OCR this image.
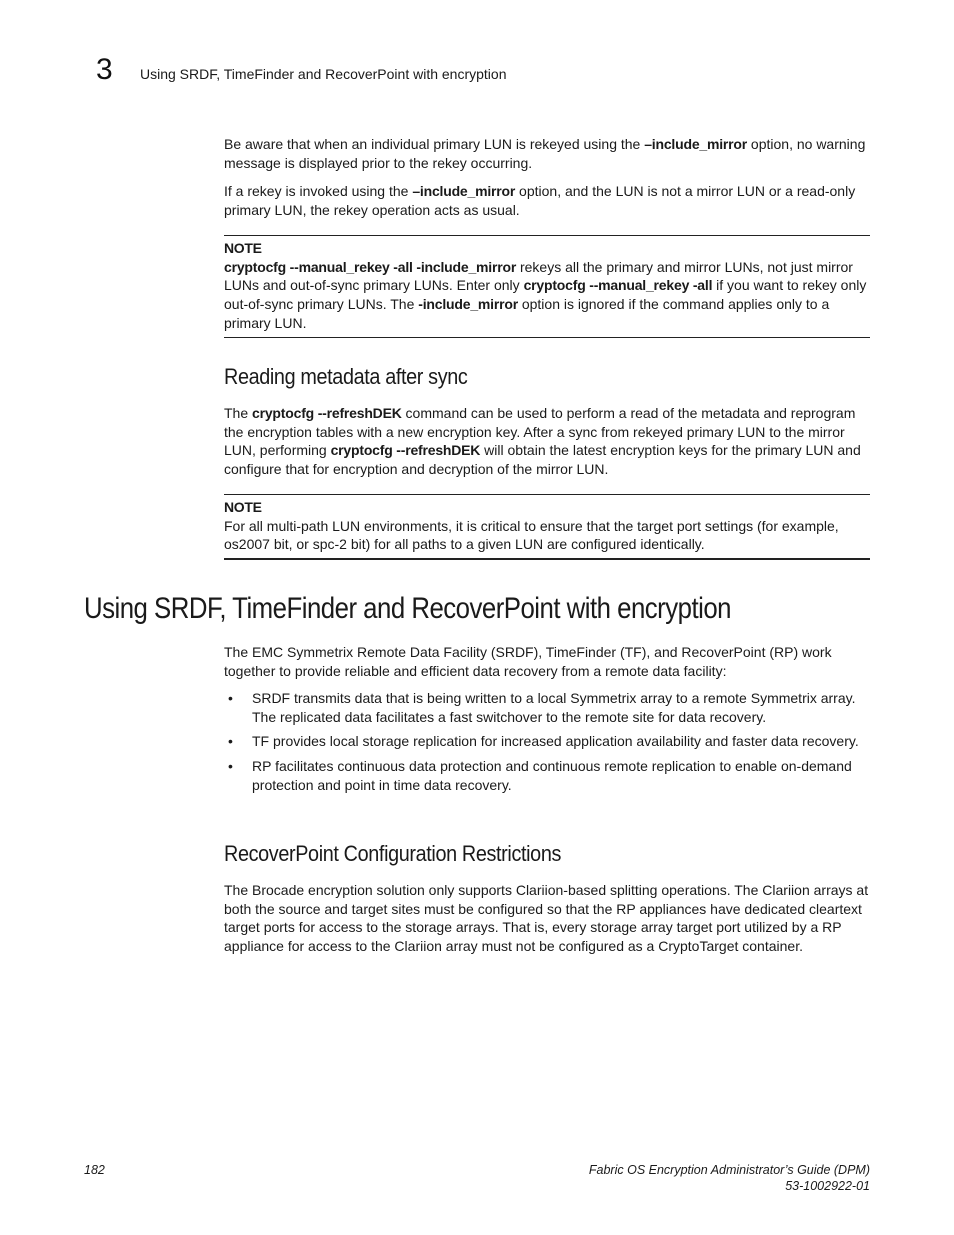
3 Using SRDF, TimeFinder and RecoverPoint with encryption

Be aware that when an individual primary LUN is rekeyed using the –include_mirror option, no warning message is displayed prior to the rekey occurring.

If a rekey is invoked using the –include_mirror option, and the LUN is not a mirror LUN or a read-only primary LUN, the rekey operation acts as usual.

NOTE
cryptocfg --manual_rekey -all -include_mirror rekeys all the primary and mirror LUNs, not just mirror LUNs and out-of-sync primary LUNs. Enter only cryptocfg --manual_rekey -all if you want to rekey only out-of-sync primary LUNs. The -include_mirror option is ignored if the command applies only to a primary LUN.
Reading metadata after sync

The cryptocfg --refreshDEK command can be used to perform a read of the metadata and reprogram the encryption tables with a new encryption key. After a sync from rekeyed primary LUN to the mirror LUN, performing cryptocfg --refreshDEK will obtain the latest encryption keys for the primary LUN and configure that for encryption and decryption of the mirror LUN.

NOTE
For all multi-path LUN environments, it is critical to ensure that the target port settings (for example, os2007 bit, or spc-2 bit) for all paths to a given LUN are configured identically.
Using SRDF, TimeFinder and RecoverPoint with encryption

The EMC Symmetrix Remote Data Facility (SRDF), TimeFinder (TF), and RecoverPoint (RP) work together to provide reliable and efficient data recovery from a remote data facility:

• SRDF transmits data that is being written to a local Symmetrix array to a remote Symmetrix array. The replicated data facilitates a fast switchover to the remote site for data recovery.
• TF provides local storage replication for increased application availability and faster data recovery.
• RP facilitates continuous data protection and continuous remote replication to enable on-demand protection and point in time data recovery.
RecoverPoint Configuration Restrictions

The Brocade encryption solution only supports Clariion-based splitting operations. The Clariion arrays at both the source and target sites must be configured so that the RP appliances have dedicated cleartext target ports for access to the storage arrays. That is, every storage array target port utilized by a RP appliance for access to the Clariion array must not be configured as a CryptoTarget container.

182	Fabric OS Encryption Administrator’s Guide (DPM)
53-1002922-01
